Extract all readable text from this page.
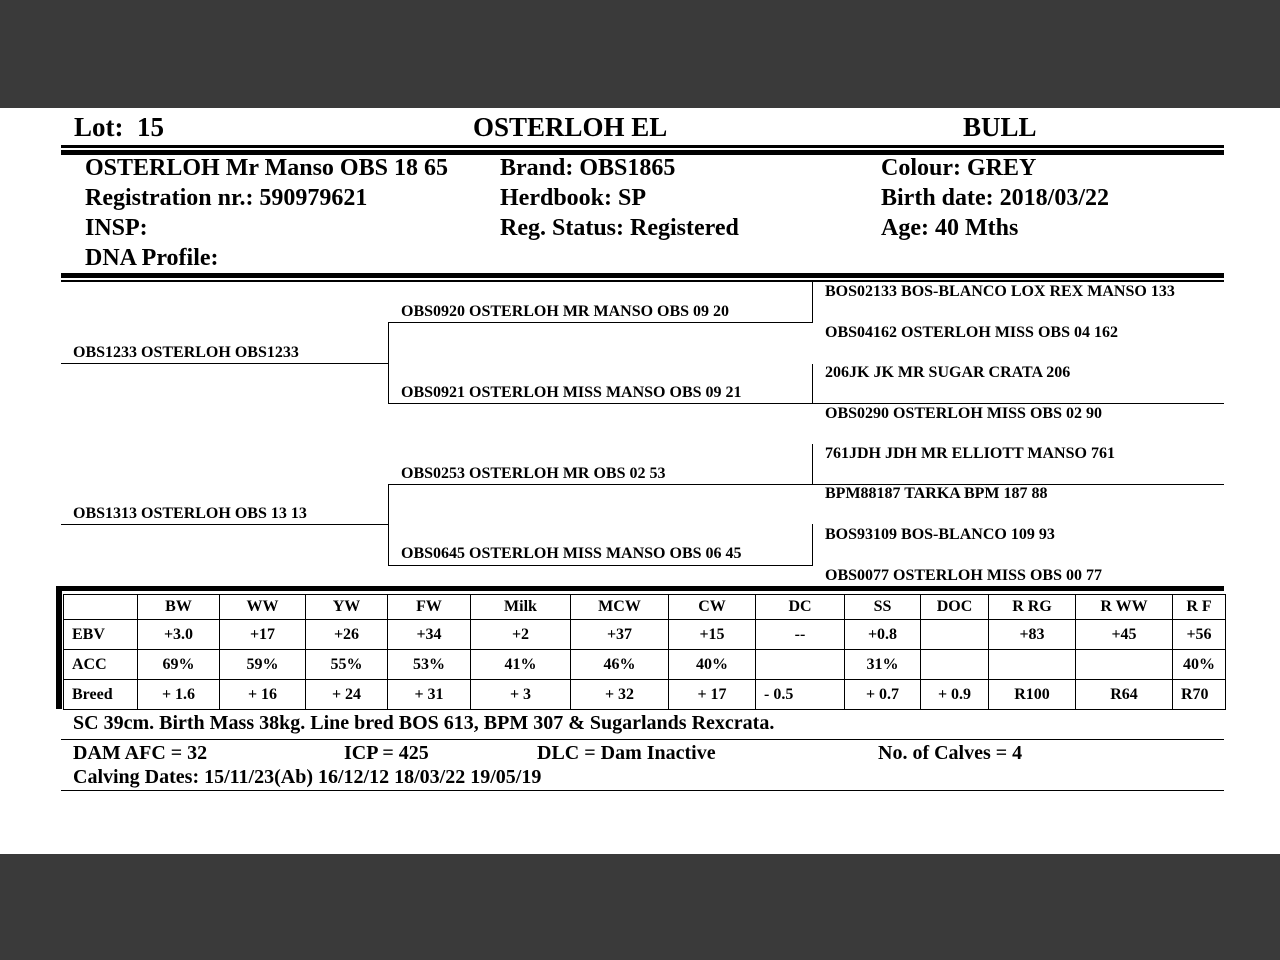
Lot: 15	OSTERLOH EL	BULL
OSTERLOH Mr Manso OBS 18 65
Registration nr.: 590979621
INSP:
DNA Profile:
Brand: OBS1865
Herdbook: SP
Reg. Status: Registered
Colour: GREY
Birth date: 2018/03/22
Age: 40 Mths
OBS1233 OSTERLOH OBS1233
OBS1313 OSTERLOH OBS 13 13
OBS0920 OSTERLOH MR MANSO OBS 09 20
OBS0921 OSTERLOH MISS MANSO OBS 09 21
OBS0253 OSTERLOH MR OBS 02 53
OBS0645 OSTERLOH MISS MANSO OBS 06 45
BOS02133 BOS-BLANCO LOX REX MANSO 133
OBS04162 OSTERLOH MISS OBS 04 162
206JK JK MR SUGAR CRATA 206
OBS0290 OSTERLOH MISS OBS 02 90
761JDH JDH MR ELLIOTT MANSO 761
BPM88187 TARKA BPM 187 88
BOS93109 BOS-BLANCO 109 93
OBS0077 OSTERLOH MISS OBS 00 77
	BW	WW	YW	FW	Milk	MCW	CW	DC	SS	DOC	R RG	R WW	R F
EBV	+3.0	+17	+26	+34	+2	+37	+15	--	+0.8		+83	+45	+56
ACC	69%	59%	55%	53%	41%	46%	40%		31%				40%
Breed	+ 1.6	+ 16	+ 24	+ 31	+ 3	+ 32	+ 17	- 0.5	+ 0.7	+ 0.9	R100	R64	R70
SC 39cm. Birth Mass 38kg. Line bred BOS 613, BPM 307 & Sugarlands Rexcrata.
DAM AFC = 32	ICP = 425	DLC = Dam Inactive	No. of Calves = 4
Calving Dates: 15/11/23(Ab) 16/12/12 18/03/22 19/05/19
